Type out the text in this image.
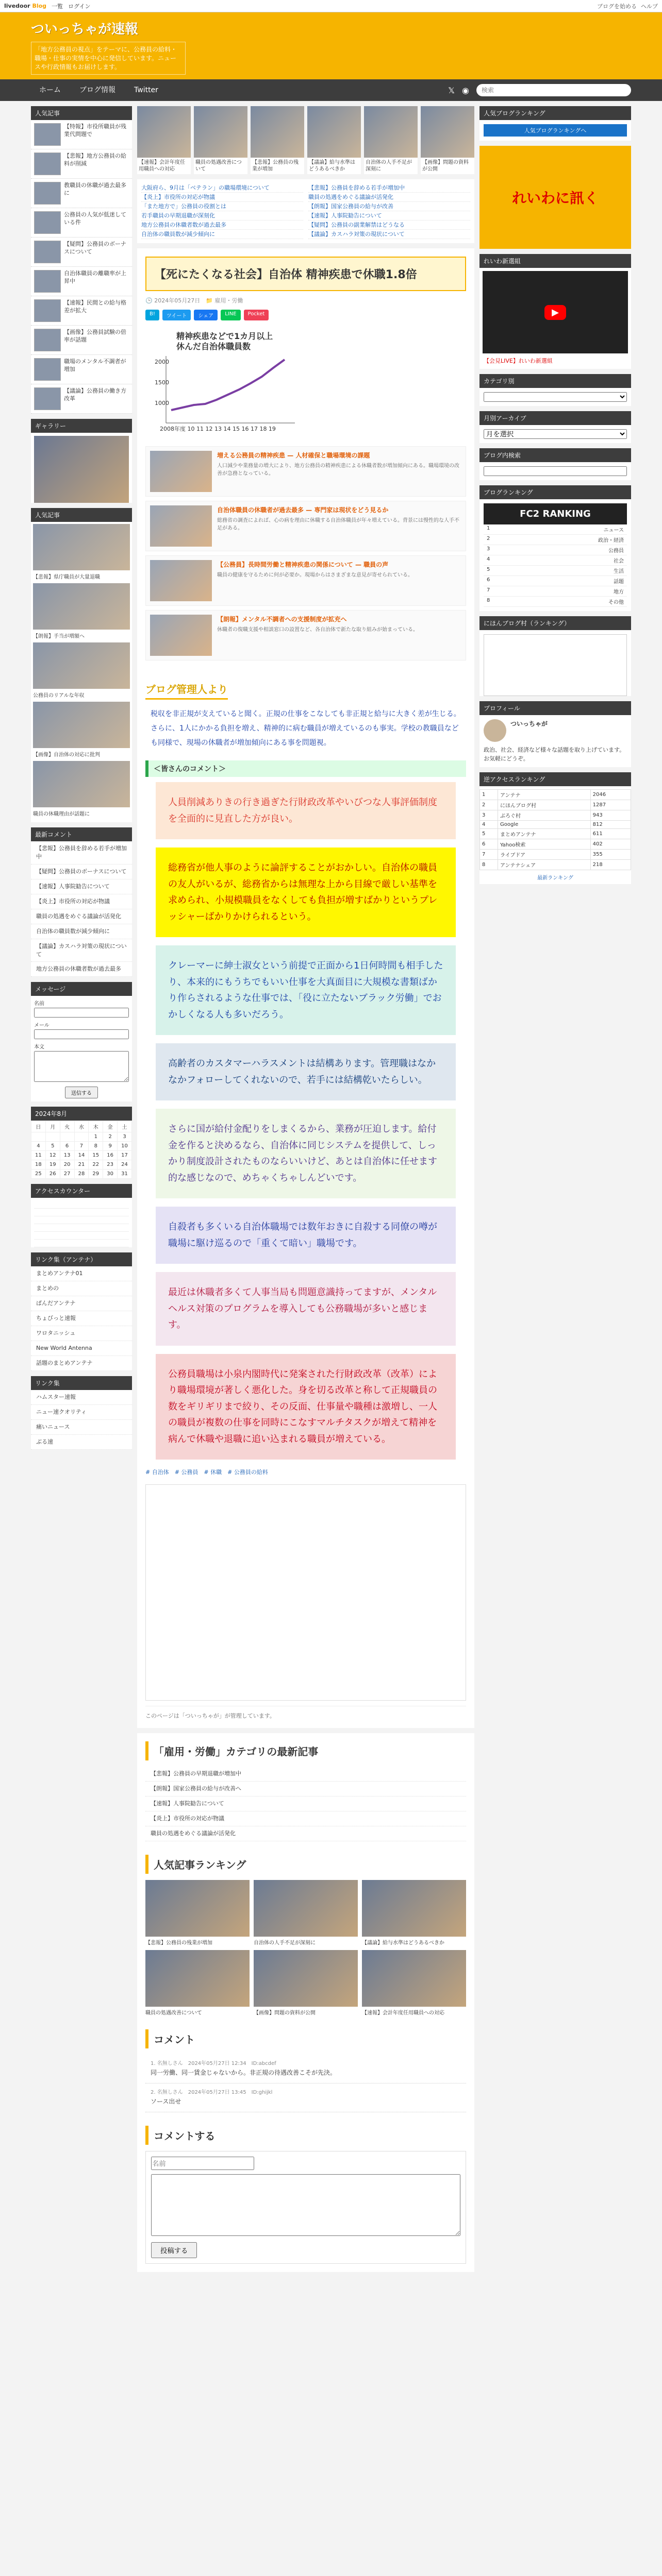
livedoor Blog 一覧 ログイン	ブログを始める ヘルプ
ついっちゃが速報
「地方公務員の視点」をテーマに、公務員の給料・職場・仕事の実情を中心に発信しています。ニュースや行政情報もお届けします。
ホーム	ブログ情報	Twitter	𝕏 ◉
検索
人気記事
【特報】市役所職員が残業代問題で
【悲報】地方公務員の給料が削減
教職員の休職が過去最多に
公務員の人気が低迷している件
【疑問】公務員のボーナスについて
自治体職員の離職率が上昇中
【速報】民間との給与格差が拡大
【画像】公務員試験の倍率が話題
職場のメンタル不調者が増加
【議論】公務員の働き方改革
ギャラリー
人気記事
【悲報】県庁職員が大量退職
【朗報】手当が増額へ
公務員のリアルな年収
【画像】自治体の対応に批判
職員の休職理由が話題に
最新コメント
【悲報】公務員を辞める若手が増加中
【疑問】公務員のボーナスについて
【速報】人事院勧告について
【炎上】市役所の対応が物議
職員の処遇をめぐる議論が活発化
自治体の職員数が減少傾向に
【議論】カスハラ対策の現状について
地方公務員の休職者数が過去最多
メッセージ
名前
メール
本文
送信する
2024年8月
日	月	火	水	木	金	土
				1	2	3
4	5	6	7	8	9	10
11	12	13	14	15	16	17
18	19	20	21	22	23	24
25	26	27	28	29	30	31
アクセスカウンター
リンク集（アンテナ）
まとめアンテナ01
まとめの
ぱんだアンテナ
ちょびっと速報
ワロタニッシュ
New World Antenna
話題のまとめアンテナ
リンク集
ハムスター速報
ニュー速クオリティ
痛いニュース
ぶる速

【速報】会計年度任用職員への対応

職員の処遇改善について

【悲報】公務員の残業が増加

【議論】給与水準はどうあるべきか

自治体の人手不足が深刻に

【画像】問題の資料が公開

大阪府ら、9月は「ベテラン」の職場環境について	【悲報】公務員を辞める若手が増加中
【炎上】市役所の対応が物議	職員の処遇をめぐる議論が活発化
「また地方で」公務員の役割とは	【朗報】国家公務員の給与が改善
若手職員の早期退職が深刻化	【速報】人事院勧告について
地方公務員の休職者数が過去最多	【疑問】公務員の副業解禁はどうなる
自治体の職員数が減少傾向に	【議論】カスハラ対策の現状について
【死にたくなる社会】自治体 精神疾患で休職1.8倍
🕒 2024年05月27日　📁 雇用・労働
B!	ツイート	シェア	LINE	Pocket
精神疾患などで1カ月以上
休んだ自治体職員数
2000
1500
1000
2008年度 10 11 12 13 14 15 16 17 18 19
増える公務員の精神疾患 — 人材確保と職場環境の課題

人口減少や業務量の増大により、地方公務員の精神疾患による休職者数が増加傾向にある。職場環境の改善が急務となっている。

自治体職員の休職者が過去最多 — 専門家は現状をどう見るか

総務省の調査によれば、心の病を理由に休職する自治体職員が年々増えている。背景には慢性的な人手不足がある。

【公務員】長時間労働と精神疾患の関係について — 職員の声

職員の健康を守るために何が必要か。現場からはさまざまな意見が寄せられている。

【朗報】メンタル不調者への支援制度が拡充へ

休職者の復職支援や相談窓口の設置など、各自治体で新たな取り組みが始まっている。

ブログ管理人より

税収を非正規が支えていると聞く。正規の仕事をこなしても非正規と給与に大きく差が生じる。さらに、1人にかかる負担を増え、精神的に病む職員が増えているのも事実。学校の教職員なども同様で、現場の休職者が増加傾向にある事を問題視。

＜皆さんのコメント＞
人員削減ありきの行き過ぎた行財政改革やいびつな人事評価制度を全面的に見直した方が良い。
総務省が他人事のように論評することがおかしい。自治体の職員の友人がいるが、総務省からは無理な上から目線で厳しい基準を求められ、小規模職員をなくしても負担が増すばかりというプレッシャーばかりかけられるという。
クレーマーに紳士淑女という前提で正面から1日何時間も相手したり、本来的にもうちでもいい仕事を大真面目に大規模な書類ばかり作らされるような仕事では、「役に立たないブラック労働」でおかしくなる人も多いだろう。
高齢者のカスタマーハラスメントは結構あります。管理職はなかなかフォローしてくれないので、若手には結構乾いたらしい。
さらに国が給付金配りをしまくるから、業務が圧迫します。給付金を作ると決めるなら、自治体に同じシステムを提供して、しっかり制度設計されたものならいいけど、あとは自治体に任せます的な感じなので、めちゃくちゃしんどいです。
自殺者も多くいる自治体職場では数年おきに自殺する同僚の噂が職場に駆け巡るので「重くて暗い」職場です。
最近は休職者多くて人事当局も問題意識持ってますが、メンタルヘルス対策のプログラムを導入しても公務職場が多いと感じます。
公務員職場は小泉内閣時代に発案された行財政改革（改革）により職場環境が著しく悪化した。身を切る改革と称して正規職員の数をギリギリまで絞り、その反面、仕事量や職種は激増し、一人の職員が複数の仕事を同時にこなすマルチタスクが増えて精神を病んで休職や退職に追い込まれる職員が増えている。
# 自治体　# 公務員　# 休職　# 公務員の給料
このページは「ついっちゃが」が管理しています。
「雇用・労働」カテゴリの最新記事
【悲報】公務員の早期退職が増加中
【朗報】国家公務員の給与が改善へ
【速報】人事院勧告について
【炎上】市役所の対応が物議
職員の処遇をめぐる議論が活発化
人気記事ランキング
【悲報】公務員の残業が増加	自治体の人手不足が深刻に	【議論】給与水準はどうあるべきか
職員の処遇改善について	【画像】問題の資料が公開	【速報】会計年度任用職員への対応
コメント
1. 名無しさん　2024年05月27日 12:34　ID:abcdef
同一労働、同一賃金じゃないから。非正規の待遇改善こそが先決。
2. 名無しさん　2024年05月27日 13:45　ID:ghijkl
ソース出せ
コメントする
名前  投稿する
人気ブログランキング
人気ブログランキングへ
れいわに訊く
れいわ新選組
▶
【会見LIVE】れいわ新選組
カテゴリ別
月別アーカイブ
月を選択
ブログ内検索
ブログランキング
FC2 RANKING
1	ニュース
2	政治・経済
3	公務員
4	社会
5	生活
6	話題
7	地方
8	その他
にほんブログ村（ランキング）
プロフィール
ついっちゃが
政治、社会、経済など様々な話題を取り上げています。お気軽にどうぞ。
逆アクセスランキング
1	アンテナ	2046
2	にほんブログ村	1287
3	ぶろぐ村	943
4	Google	812
5	まとめアンテナ	611
6	Yahoo検索	402
7	ライブドア	355
8	アンテナシェア	218
最新ランキング
